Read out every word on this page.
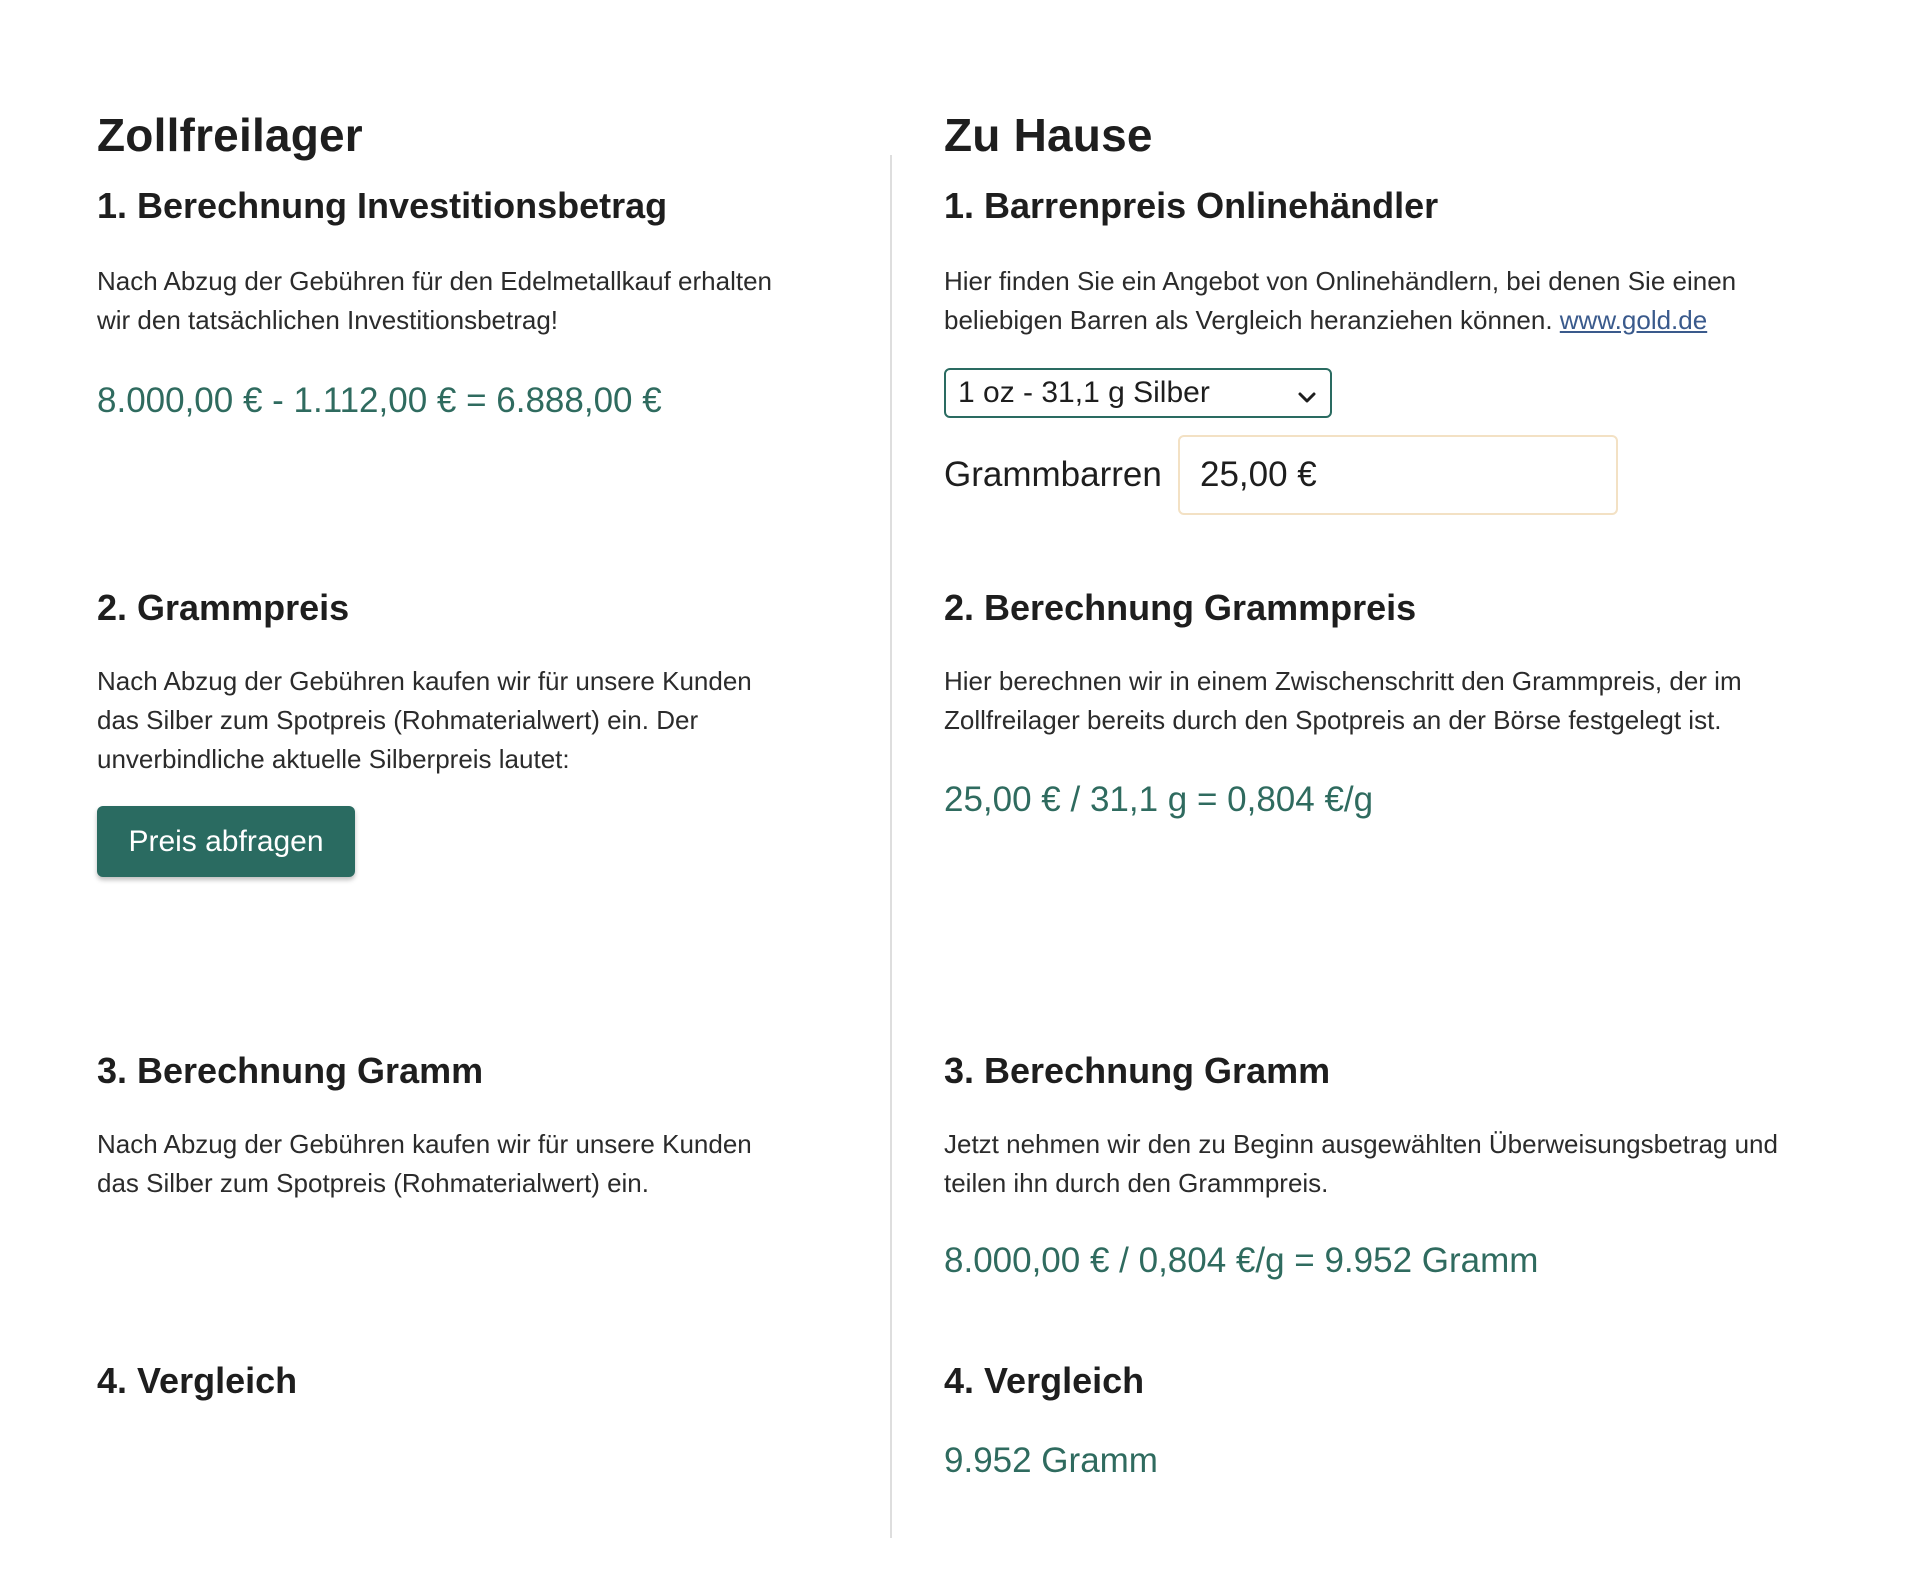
Zollfreilager
1. Berechnung Investitionsbetrag
Nach Abzug der Gebühren für den Edelmetallkauf erhalten
wir den tatsächlichen Investitionsbetrag!
8.000,00 € - 1.112,00 € = 6.888,00 €
2. Grammpreis
Nach Abzug der Gebühren kaufen wir für unsere Kunden
das Silber zum Spotpreis (Rohmaterialwert) ein. Der
unverbindliche aktuelle Silberpreis lautet:
Preis abfragen
3. Berechnung Gramm
Nach Abzug der Gebühren kaufen wir für unsere Kunden
das Silber zum Spotpreis (Rohmaterialwert) ein.
4. Vergleich
Zu Hause
1. Barrenpreis Onlinehändler
Hier finden Sie ein Angebot von Onlinehändlern, bei denen Sie einen
beliebigen Barren als Vergleich heranziehen können. www.gold.de
1 oz - 31,1 g Silber
Grammbarren 25,00 €
2. Berechnung Grammpreis
Hier berechnen wir in einem Zwischenschritt den Grammpreis, der im
Zollfreilager bereits durch den Spotpreis an der Börse festgelegt ist.
25,00 € / 31,1 g = 0,804 €/g
3. Berechnung Gramm
Jetzt nehmen wir den zu Beginn ausgewählten Überweisungsbetrag und
teilen ihn durch den Grammpreis.
8.000,00 € / 0,804 €/g = 9.952 Gramm
4. Vergleich
9.952 Gramm
